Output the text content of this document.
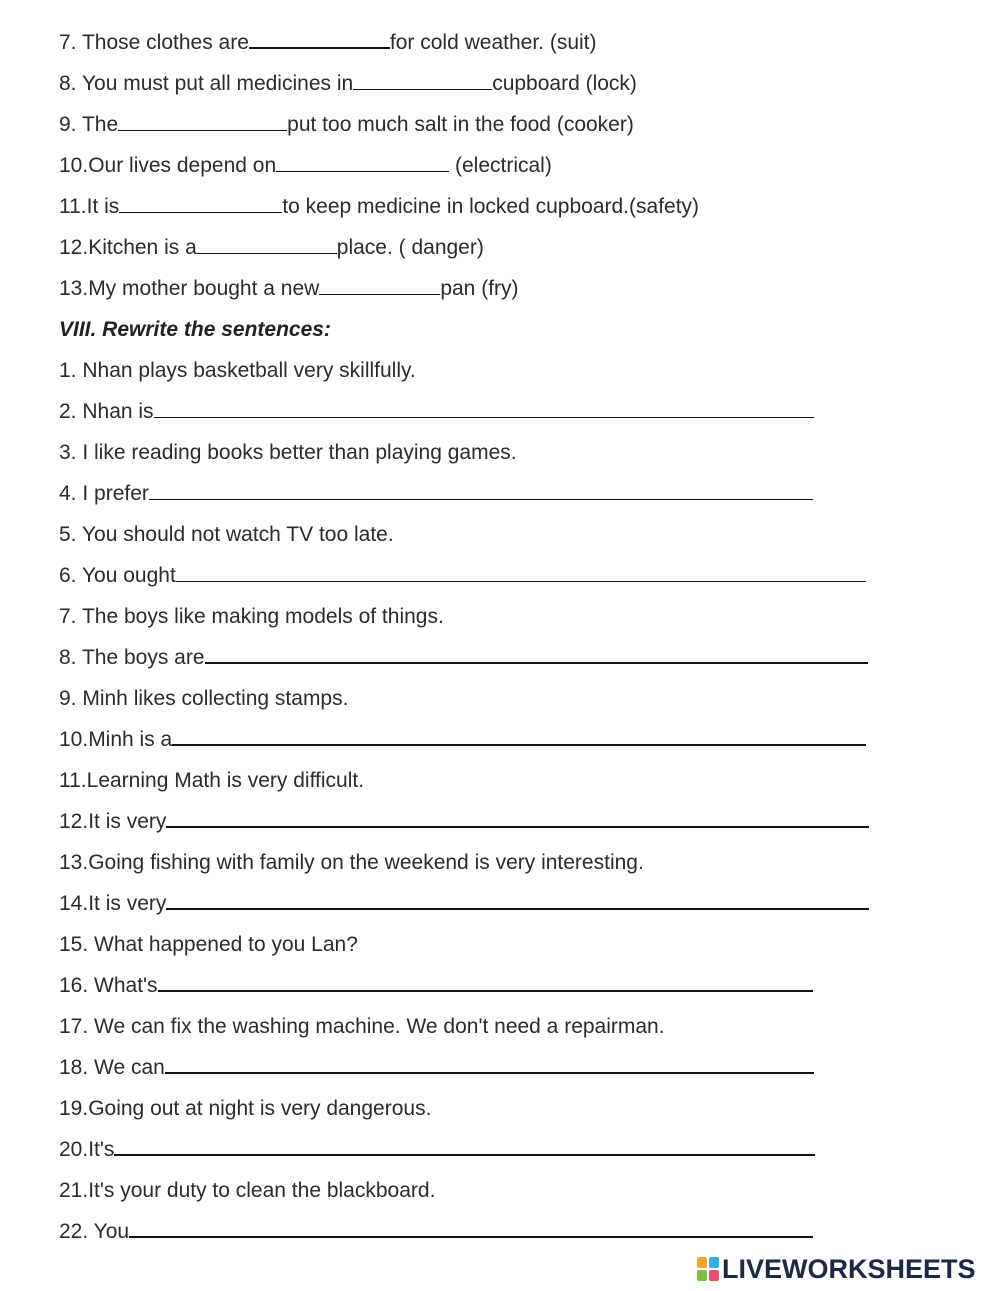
7. Those clothes are	for cold weather. (suit)
8. You must put all medicines in	cupboard (lock)
9. The	put too much salt in the food (cooker)
10.Our lives depend on	(electrical)
11.It is	to keep medicine in locked cupboard.(safety)
12.Kitchen is a	place. ( danger)
13.My mother bought a new	pan (fry)
VIII. Rewrite the sentences:
1. Nhan plays basketball very skillfully.
2. Nhan is
3. I like reading books better than playing games.
4. I prefer
5. You should not watch TV too late.
6. You ought
7. The boys like making models of things.
8. The boys are
9. Minh likes collecting stamps.
10.Minh is a
11.Learning Math is very difficult.
12.It is very
13.Going fishing with family on the weekend is very interesting.
14.It is very
15. What happened to you Lan?
16. What's
17. We can fix the washing machine. We don't need a repairman.
18. We can
19.Going out at night is very dangerous.
20.It's
21.It's your duty to clean the blackboard.
22. You
LIVEWORKSHEETS
